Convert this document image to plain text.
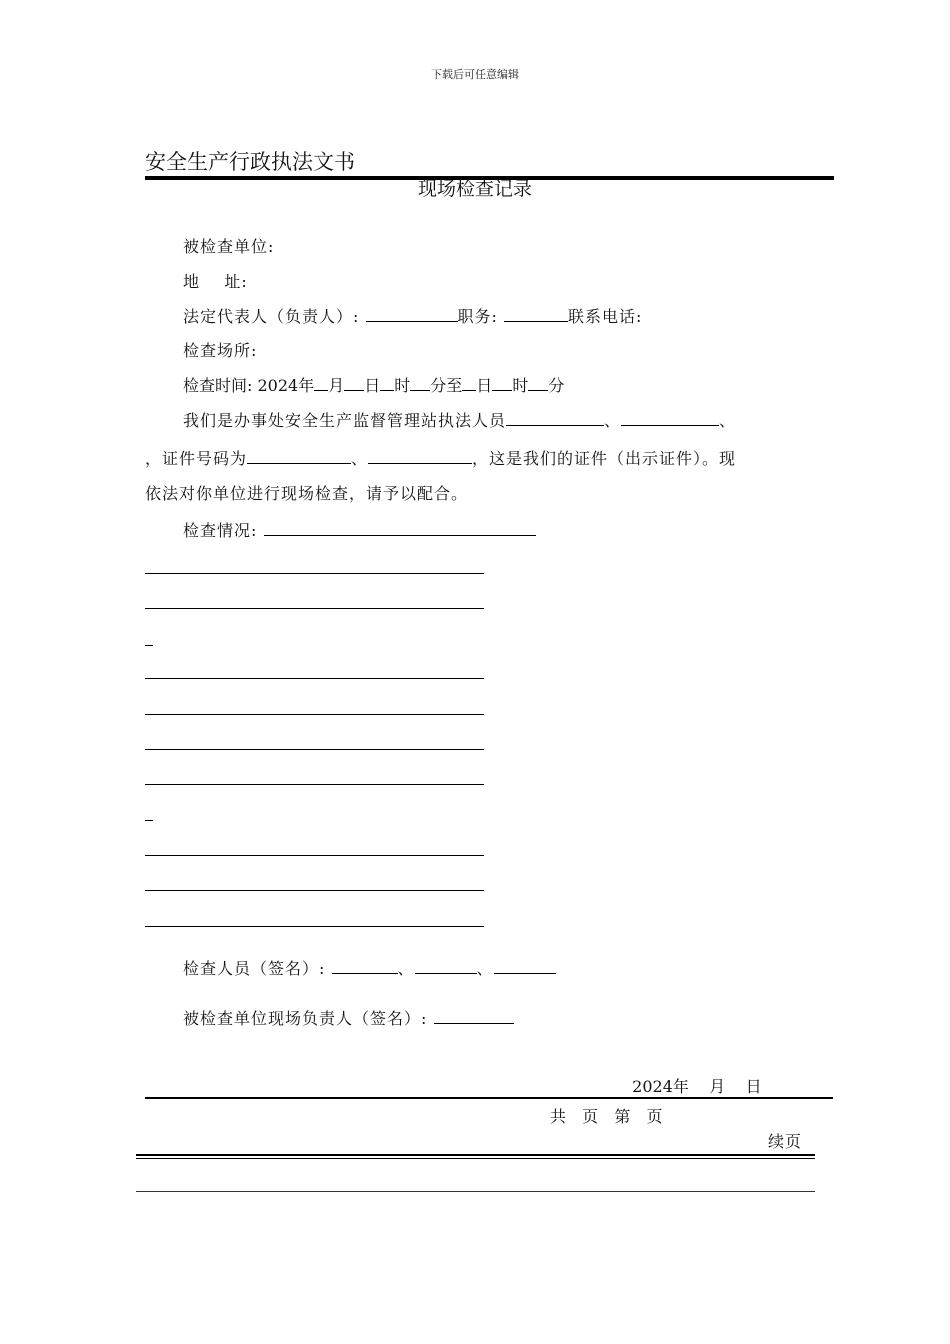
下载后可任意编辑
安全生产行政执法文书
现场检查记录
被检查单位:
地    址:
法定代表人（负责人）:	职务:	联系电话:
检查场所:
检查时间: 2024年 月 日 时 分至 日 时 分
我们是办事处安全生产监督管理站执法人员	、	、
，证件号码为	、	，这是我们的证件（出示证件）。现
依法对你单位进行现场检查，请予以配合。
检查情况:
检查人员（签名）:	、	、
被检查单位现场负责人（签名）:

2024年    月    日

共  页  第  页
续页
